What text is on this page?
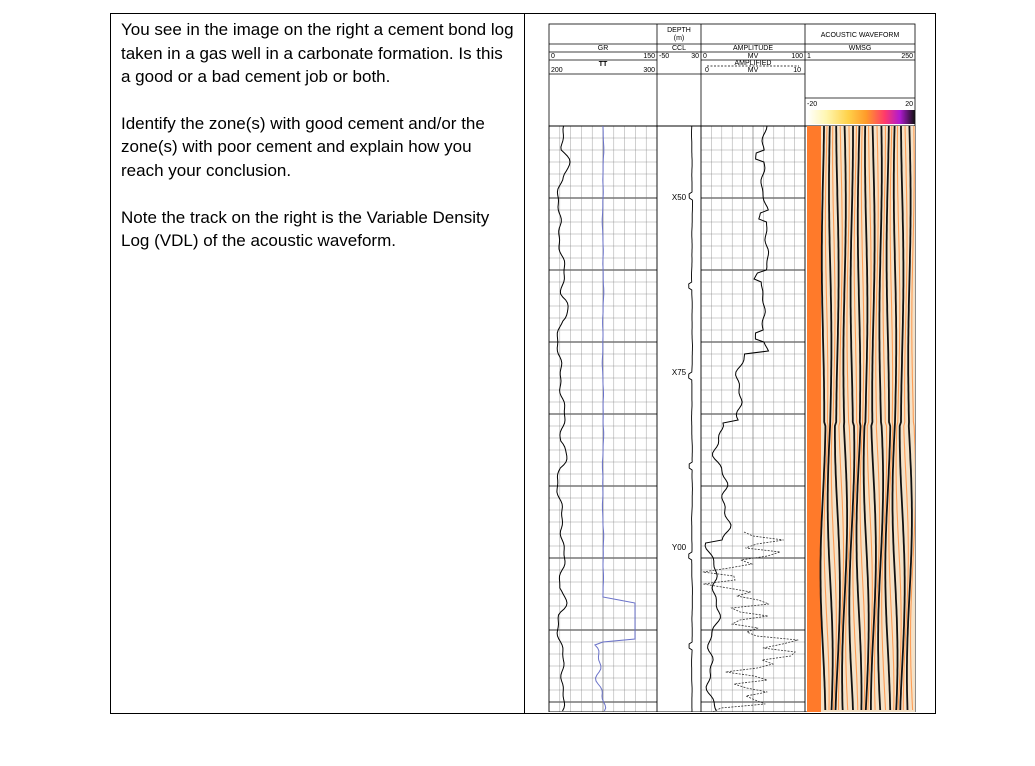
You see in the image on the right a cement bond log taken in a gas well in a carbonate formation. Is this a good or a bad cement job or both.

Identify the zone(s) with good cement and/or the zone(s) with poor cement and explain how you reach your conclusion.

Note the track on the right is the Variable Density Log (VDL) of the acoustic waveform.

DEPTH
(m)
CCL
-50	30
GR
0	150
TT
200	300
AMPLITUDE
0	MV	100
AMPLIFIED
0	MV	10
ACOUSTIC WAVEFORM
WMSG
1	250
-20	20
X50
X75
Y00
